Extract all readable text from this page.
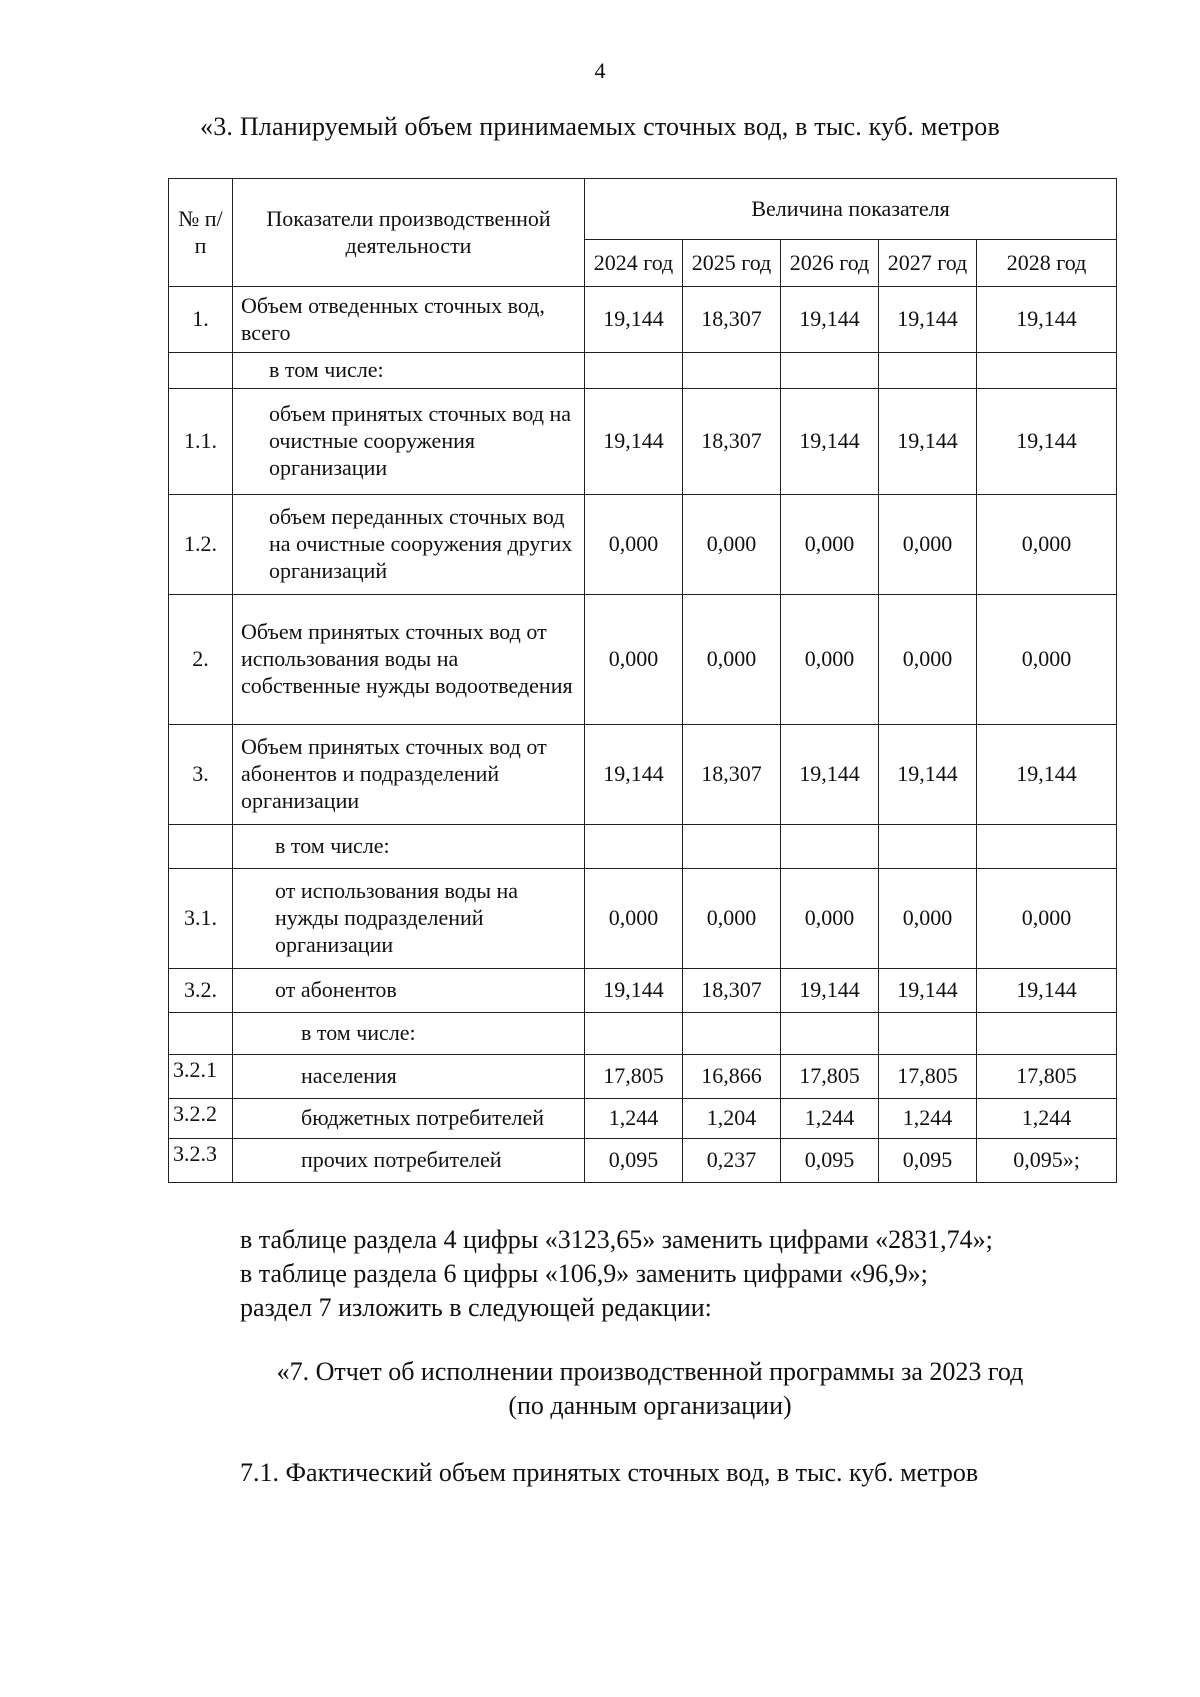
4
«3. Планируемый объем принимаемых сточных вод, в тыс. куб. метров
№ п/п	Показатели производственной деятельности	Величина показателя				
		2024 год	2025 год	2026 год	2027 год	2028 год
1.	Объем отведенных сточных вод, всего	19,144	18,307	19,144	19,144	19,144
	в том числе:					
1.1.	объем принятых сточных вод на очистные сооружения организации	19,144	18,307	19,144	19,144	19,144
1.2.	объем переданных сточных вод на очистные сооружения других организаций	0,000	0,000	0,000	0,000	0,000
2.	Объем принятых сточных вод от использования воды на собственные нужды водоотведения	0,000	0,000	0,000	0,000	0,000
3.	Объем принятых сточных вод от абонентов и подразделений организации	19,144	18,307	19,144	19,144	19,144
	в том числе:					
3.1.	от использования воды на нужды подразделений организации	0,000	0,000	0,000	0,000	0,000
3.2.	от абонентов	19,144	18,307	19,144	19,144	19,144
	в том числе:					
3.2.1	населения	17,805	16,866	17,805	17,805	17,805
3.2.2	бюджетных потребителей	1,244	1,204	1,244	1,244	1,244
3.2.3	прочих потребителей	0,095	0,237	0,095	0,095	0,095»;
в таблице раздела 4 цифры «3123,65» заменить цифрами «2831,74»;
в таблице раздела 6 цифры «106,9» заменить цифрами «96,9»;
раздел 7 изложить в следующей редакции:
«7. Отчет об исполнении производственной программы за 2023 год
(по данным организации)
7.1. Фактический объем принятых сточных вод, в тыс. куб. метров
